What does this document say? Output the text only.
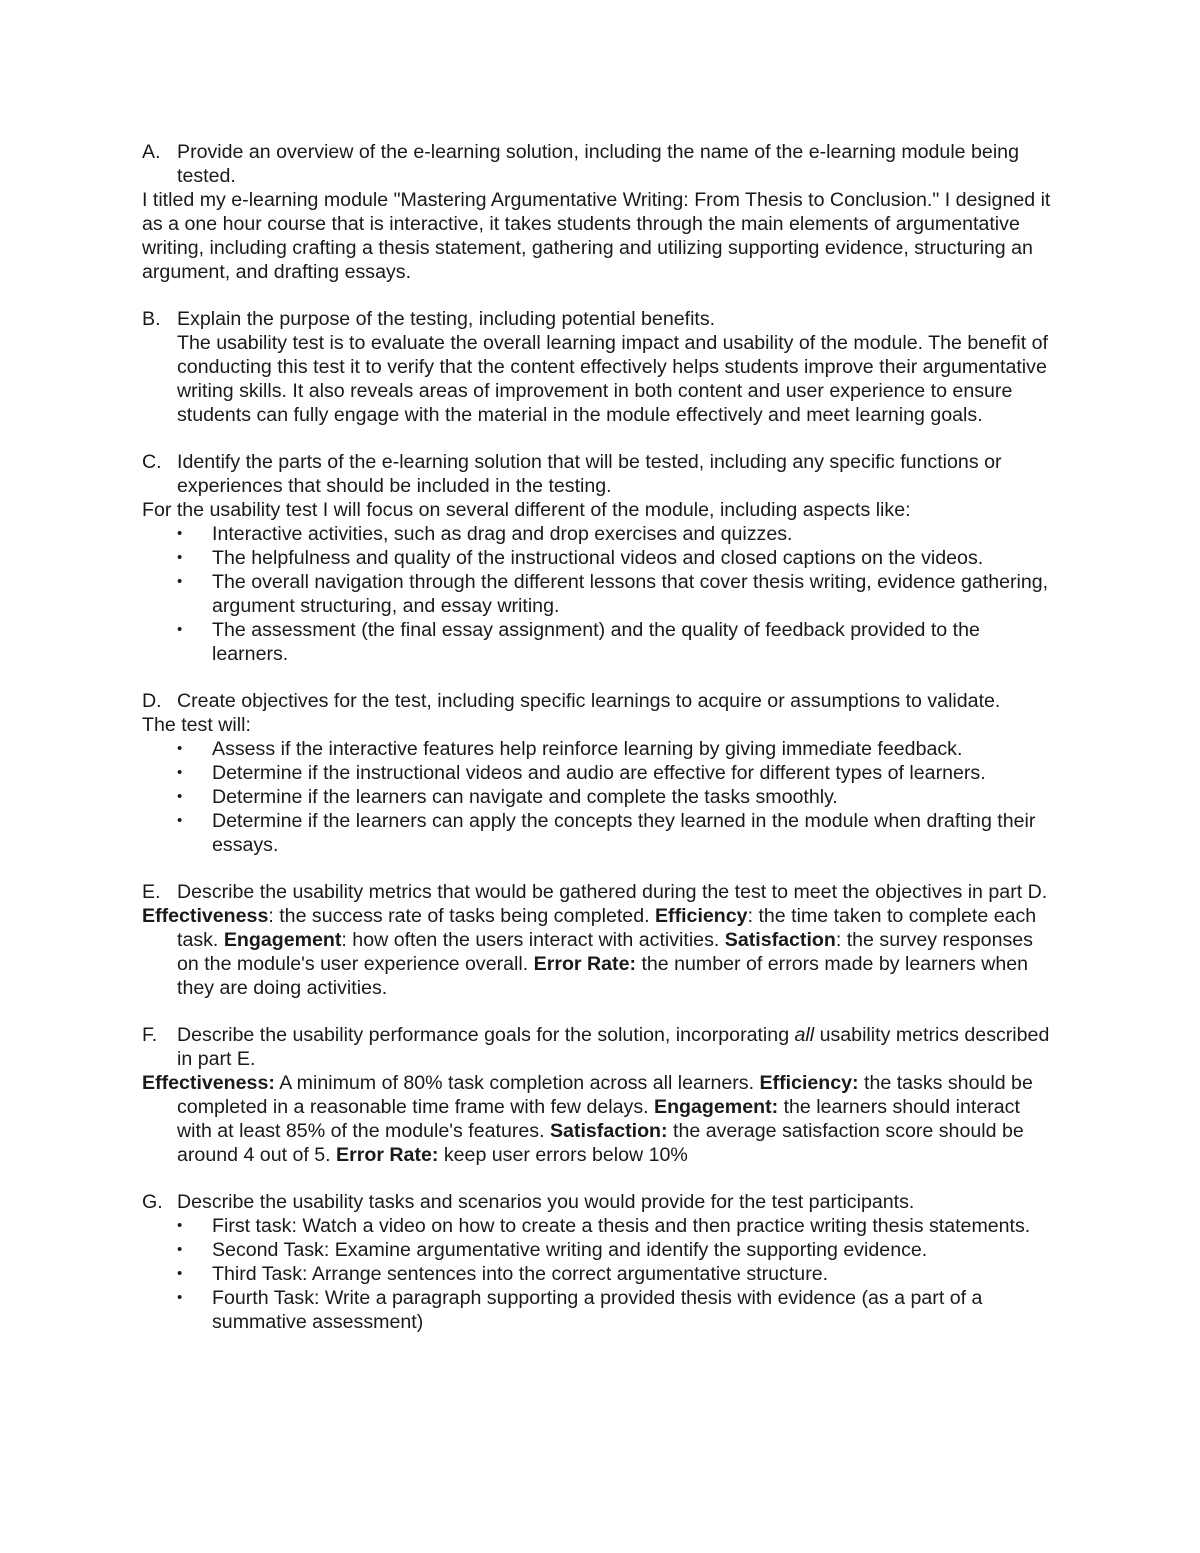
A. Provide an overview of the e-learning solution, including the name of the e-learning module being tested.
I titled my e-learning module "Mastering Argumentative Writing: From Thesis to Conclusion." I designed it as a one hour course that is interactive, it takes students through the main elements of argumentative writing, including crafting a thesis statement, gathering and utilizing supporting evidence, structuring an argument, and drafting essays.
B. Explain the purpose of the testing, including potential benefits.
The usability test is to evaluate the overall learning impact and usability of the module. The benefit of conducting this test it to verify that the content effectively helps students improve their argumentative writing skills. It also reveals areas of improvement in both content and user experience to ensure students can fully engage with the material in the module effectively and meet learning goals.
C. Identify the parts of the e-learning solution that will be tested, including any specific functions or experiences that should be included in the testing.
For the usability test I will focus on several different of the module, including aspects like:
•	Interactive activities, such as drag and drop exercises and quizzes.
•	The helpfulness and quality of the instructional videos and closed captions on the videos.
•	The overall navigation through the different lessons that cover thesis writing, evidence gathering, argument structuring, and essay writing.
•	The assessment (the final essay assignment) and the quality of feedback provided to the learners.
D. Create objectives for the test, including specific learnings to acquire or assumptions to validate.
The test will:
•	Assess if the interactive features help reinforce learning by giving immediate feedback.
•	Determine if the instructional videos and audio are effective for different types of learners.
•	Determine if the learners can navigate and complete the tasks smoothly.
•	Determine if the learners can apply the concepts they learned in the module when drafting their essays.
E. Describe the usability metrics that would be gathered during the test to meet the objectives in part D.
Effectiveness: the success rate of tasks being completed. Efficiency: the time taken to complete each task. Engagement: how often the users interact with activities. Satisfaction: the survey responses on the module's user experience overall. Error Rate: the number of errors made by learners when they are doing activities.
F.	Describe the usability performance goals for the solution, incorporating all usability metrics described in part E.
Effectiveness: A minimum of 80% task completion across all learners. Efficiency: the tasks should be completed in a reasonable time frame with few delays. Engagement: the learners should interact with at least 85% of the module's features. Satisfaction: the average satisfaction score should be around 4 out of 5. Error Rate: keep user errors below 10%
G. Describe the usability tasks and scenarios you would provide for the test participants.
•	First task: Watch a video on how to create a thesis and then practice writing thesis statements.
•	Second Task: Examine argumentative writing and identify the supporting evidence.
•	Third Task: Arrange sentences into the correct argumentative structure.
•	Fourth Task: Write a paragraph supporting a provided thesis with evidence (as a part of a summative assessment)
